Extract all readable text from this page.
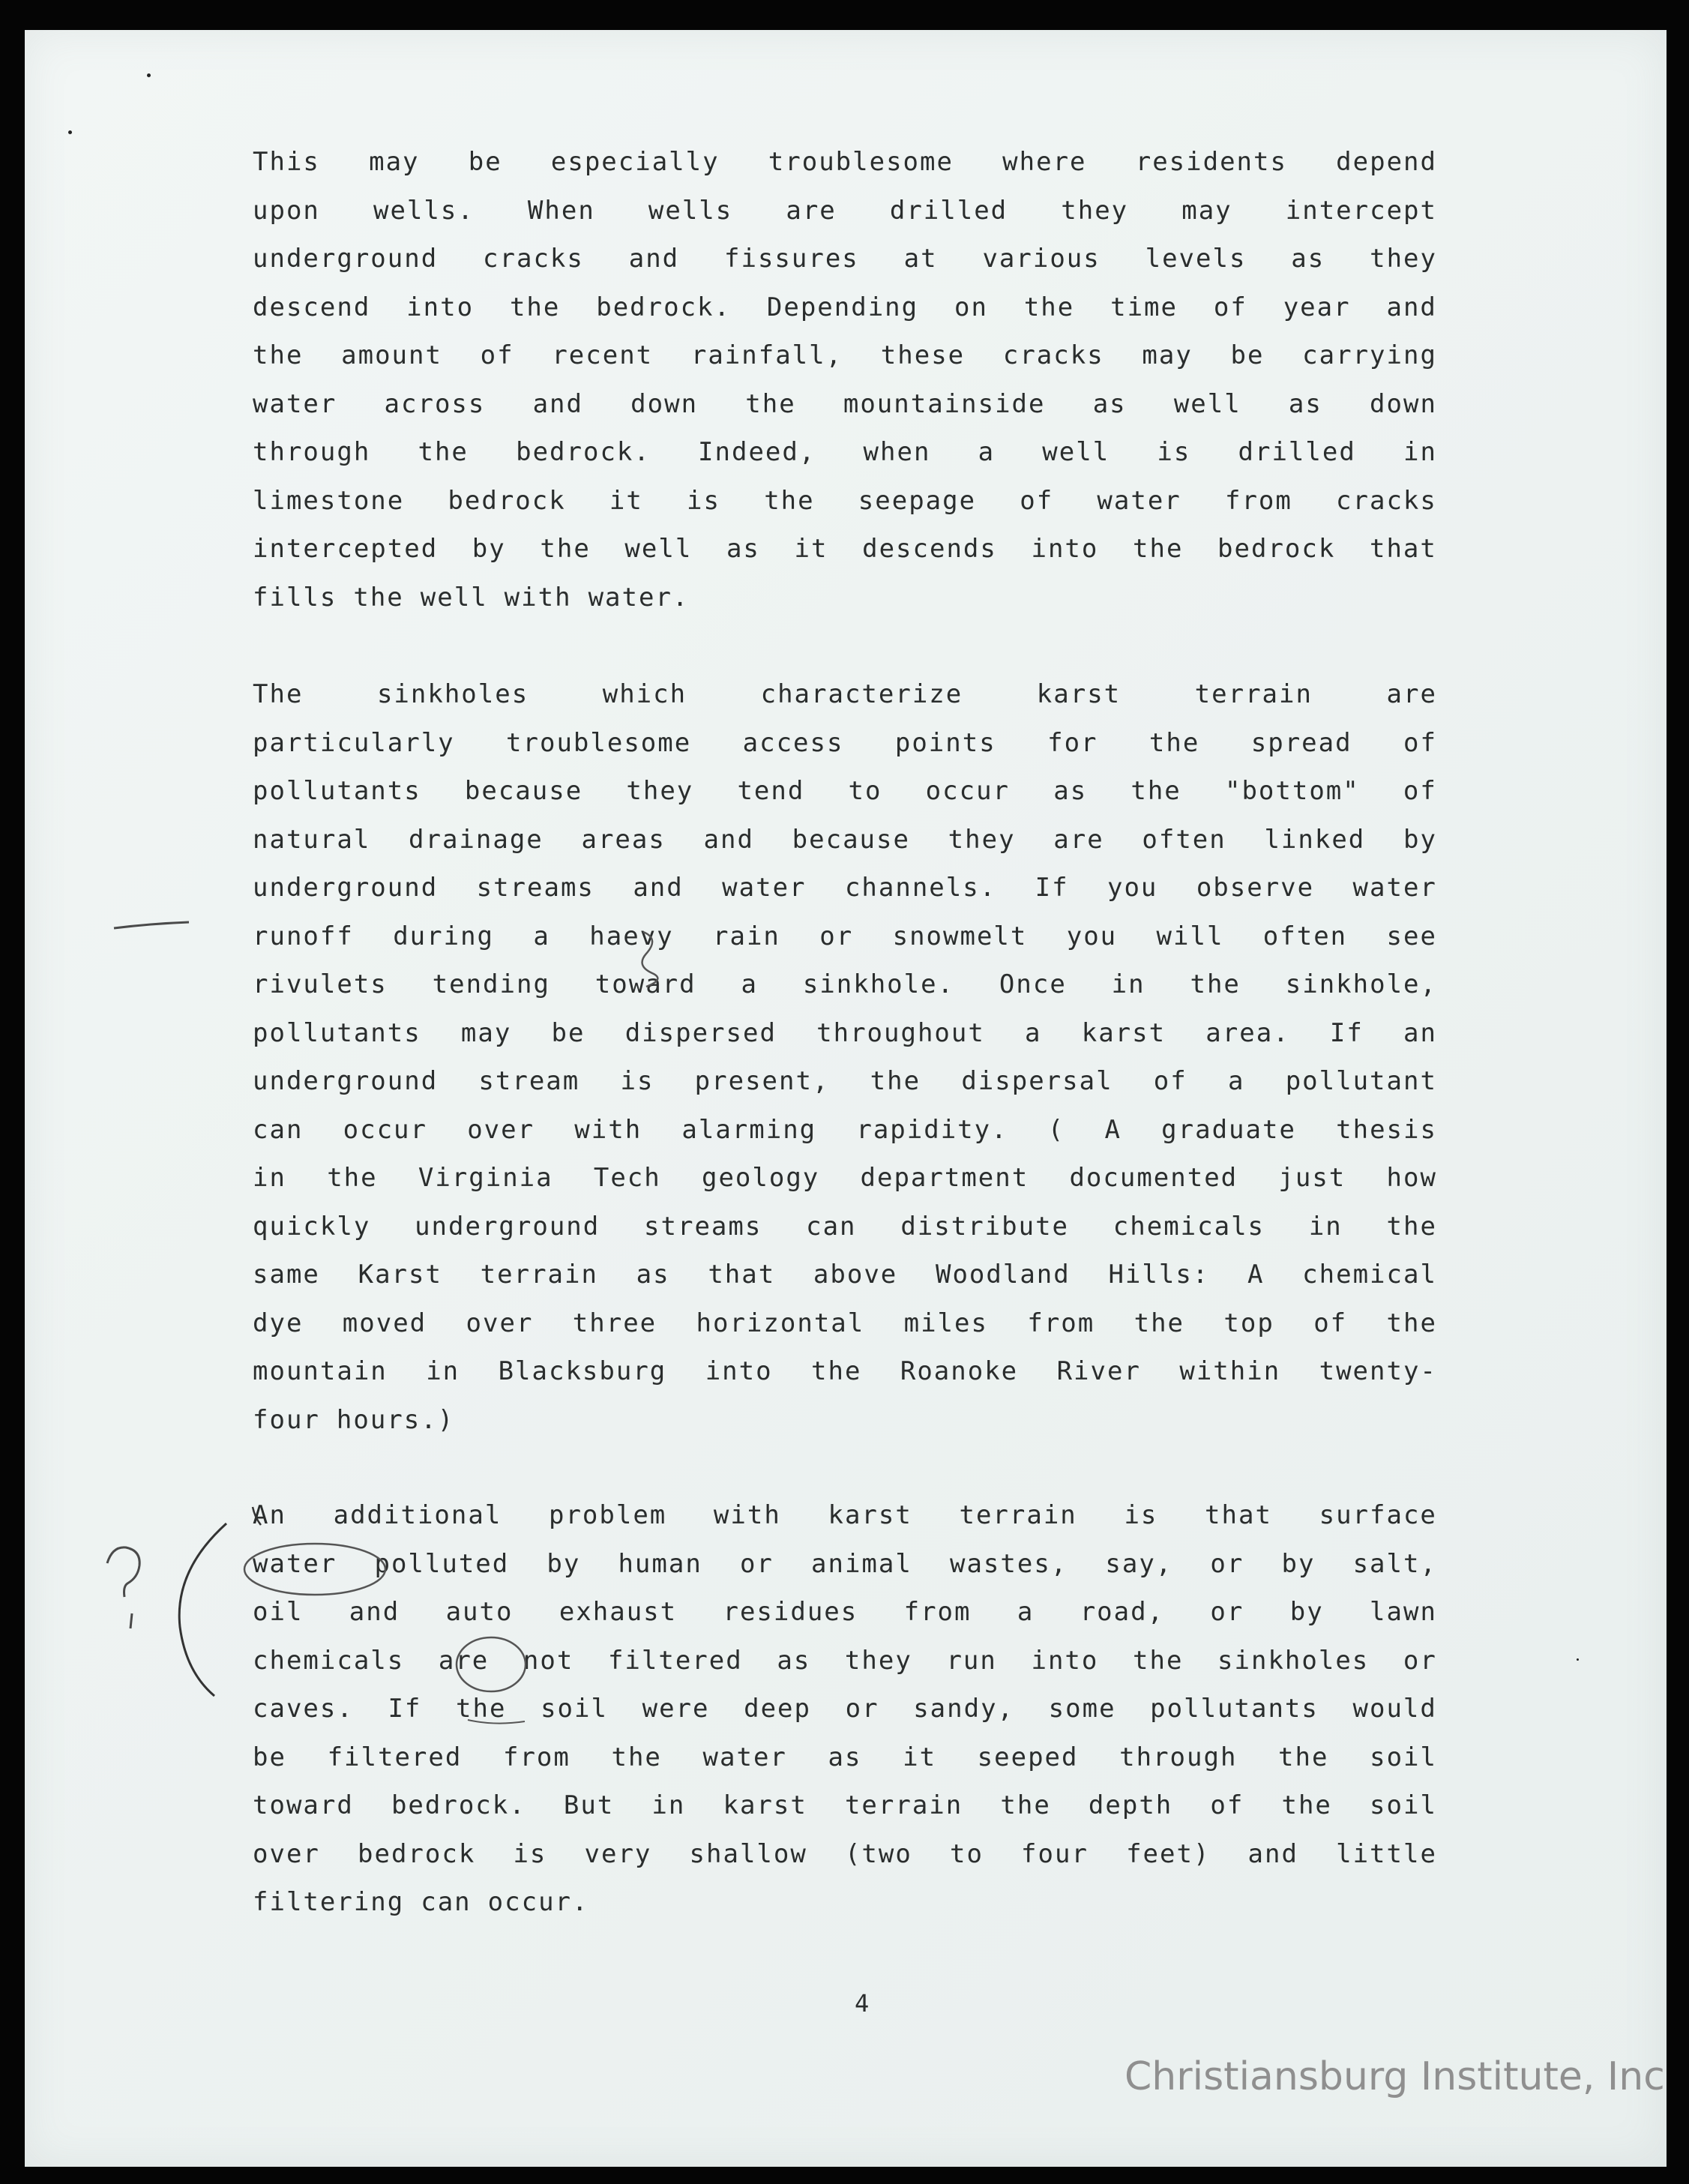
This may be especially troublesome where residents depend
upon wells. When wells are drilled they may intercept
underground cracks and fissures at various levels as they
descend into the bedrock. Depending on the time of year and
the amount of recent rainfall, these cracks may be carrying
water across and down the mountainside as well as down
through the bedrock. Indeed, when a well is drilled in
limestone bedrock it is the seepage of water from cracks
intercepted by the well as it descends into the bedrock that
fills the well with water.
The	sinkholes	which	characterize	karst	terrain	are
particularly troublesome access points for the spread of
pollutants because they tend to occur as the "bottom" of
natural drainage areas and because they are often linked by
underground streams and water channels. If you observe water
runoff during a haevy rain or snowmelt you will often see
rivulets tending toward a sinkhole. Once in the sinkhole,
pollutants may be dispersed throughout a karst area. If an
underground stream is present, the dispersal of a pollutant
can occur over with alarming rapidity. ( A graduate thesis
in the Virginia Tech geology department documented just how
quickly underground streams can distribute chemicals in the
same Karst terrain as that above Woodland Hills: A chemical
dye moved over three horizontal miles from the top of the
mountain in Blacksburg into the Roanoke River within twenty-
four hours.)
An additional problem with karst terrain is that surface
water polluted by human or animal wastes, say, or by salt,
oil and auto exhaust residues from a road, or by lawn
chemicals are not filtered as they run into the sinkholes or
caves. If the soil were deep or sandy, some pollutants would
be filtered from the water as it seeped through the soil
toward bedrock. But in karst terrain the depth of the soil
over bedrock is very shallow (two to four feet) and little
filtering can occur.
4
Christiansburg Institute, Inc
